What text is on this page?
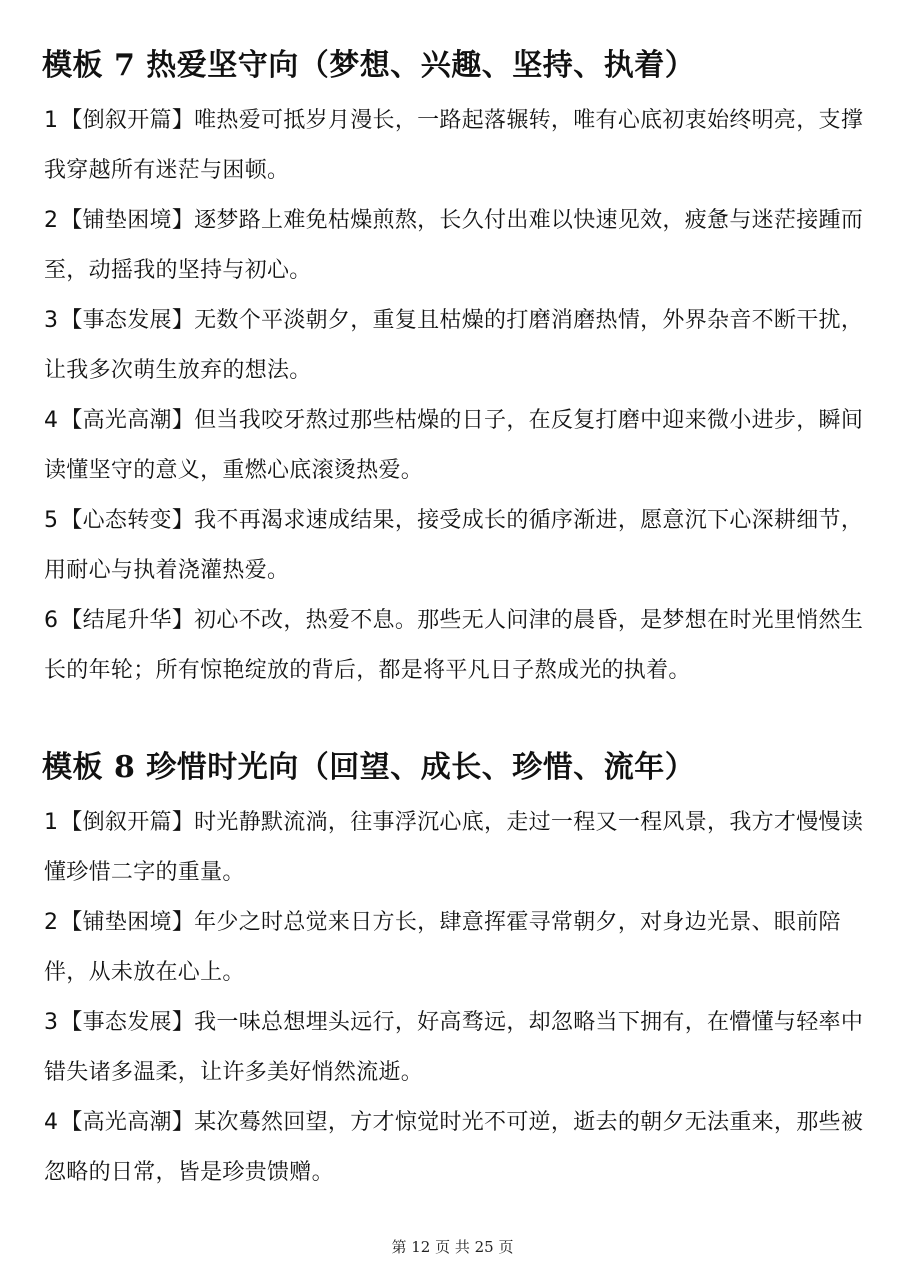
模板 7 热爱坚守向（梦想、兴趣、坚持、执着）
1【倒叙开篇】唯热爱可抵岁月漫长，一路起落辗转，唯有心底初衷始终明亮，支撑我穿越所有迷茫与困顿。
2【铺垫困境】逐梦路上难免枯燥煎熬，长久付出难以快速见效，疲惫与迷茫接踵而至，动摇我的坚持与初心。
3【事态发展】无数个平淡朝夕，重复且枯燥的打磨消磨热情，外界杂音不断干扰，让我多次萌生放弃的想法。
4【高光高潮】但当我咬牙熬过那些枯燥的日子，在反复打磨中迎来微小进步，瞬间读懂坚守的意义，重燃心底滚烫热爱。
5【心态转变】我不再渴求速成结果，接受成长的循序渐进，愿意沉下心深耕细节，用耐心与执着浇灌热爱。
6【结尾升华】初心不改，热爱不息。那些无人问津的晨昏，是梦想在时光里悄然生长的年轮；所有惊艳绽放的背后，都是将平凡日子熬成光的执着。
模板 8 珍惜时光向（回望、成长、珍惜、流年）
1【倒叙开篇】时光静默流淌，往事浮沉心底，走过一程又一程风景，我方才慢慢读懂珍惜二字的重量。
2【铺垫困境】年少之时总觉来日方长，肆意挥霍寻常朝夕，对身边光景、眼前陪伴，从未放在心上。
3【事态发展】我一味总想埋头远行，好高骛远，却忽略当下拥有，在懵懂与轻率中错失诸多温柔，让许多美好悄然流逝。
4【高光高潮】某次蓦然回望，方才惊觉时光不可逆，逝去的朝夕无法重来，那些被忽略的日常，皆是珍贵馈赠。
第 12 页 共 25 页
